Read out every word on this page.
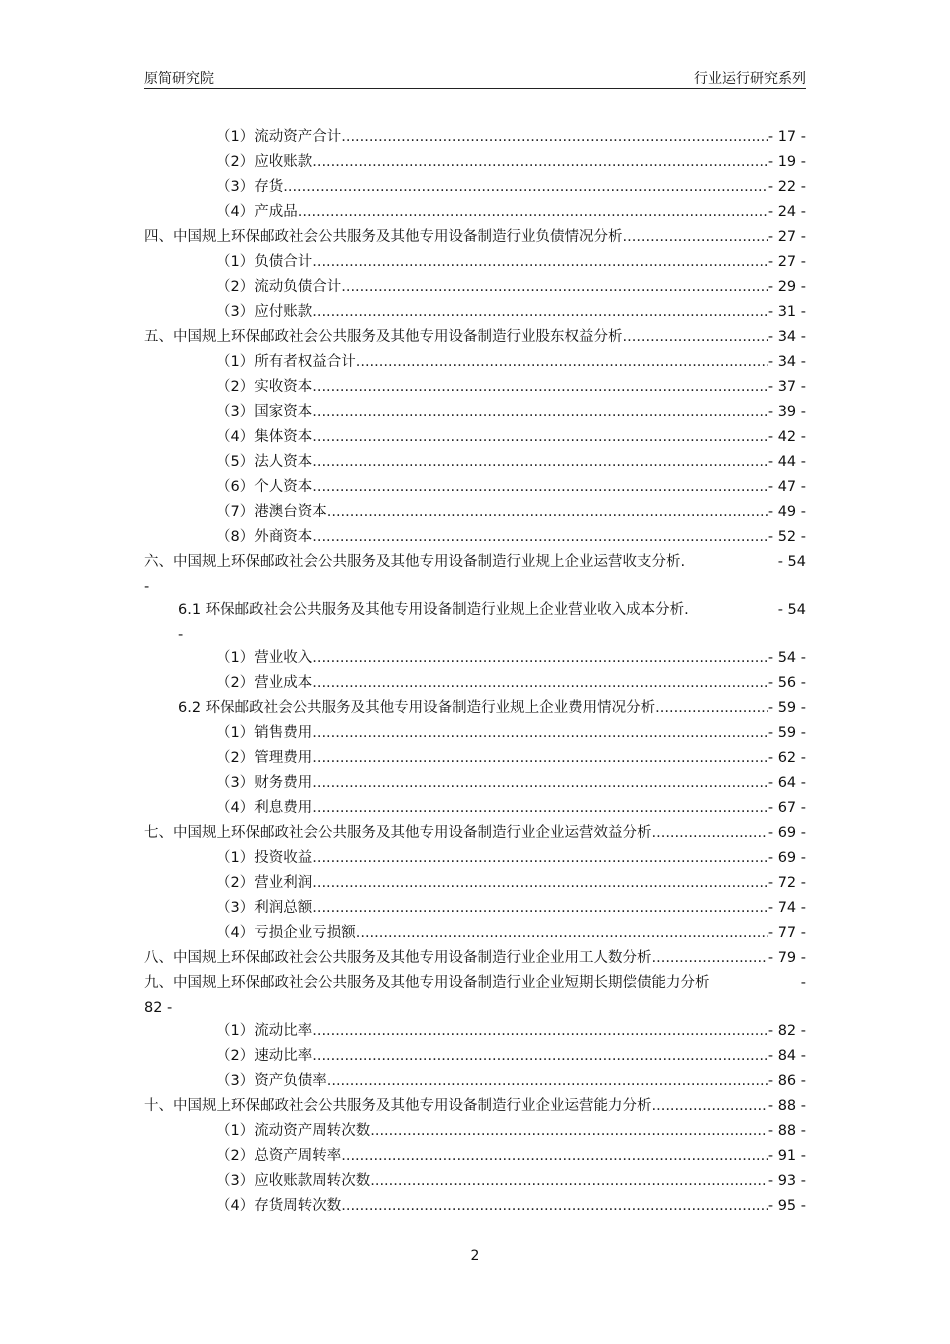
原简研究院	行业运行研究系列
（1）流动资产合计 .....	- 17 -
（2）应收账款 .....	- 19 -
（3）存货 .....	- 22 -
（4）产成品 .....	- 24 -
四、中国规上环保邮政社会公共服务及其他专用设备制造行业负债情况分析 .....	- 27 -
（1）负债合计 .....	- 27 -
（2）流动负债合计 .....	- 29 -
（3）应付账款 .....	- 31 -
五、中国规上环保邮政社会公共服务及其他专用设备制造行业股东权益分析 .....	- 34 -
（1）所有者权益合计 .....	- 34 -
（2）实收资本 .....	- 37 -
（3）国家资本 .....	- 39 -
（4）集体资本 .....	- 42 -
（5）法人资本 .....	- 44 -
（6）个人资本 .....	- 47 -
（7）港澳台资本 .....	- 49 -
（8）外商资本 .....	- 52 -
六、中国规上环保邮政社会公共服务及其他专用设备制造行业规上企业运营收支分析.	- 54
-
6.1 环保邮政社会公共服务及其他专用设备制造行业规上企业营业收入成本分析.	- 54
-
（1）营业收入 .....	- 54 -
（2）营业成本 .....	- 56 -
6.2 环保邮政社会公共服务及其他专用设备制造行业规上企业费用情况分析 .....	- 59 -
（1）销售费用 .....	- 59 -
（2）管理费用 .....	- 62 -
（3）财务费用 .....	- 64 -
（4）利息费用 .....	- 67 -
七、中国规上环保邮政社会公共服务及其他专用设备制造行业企业运营效益分析 .....	- 69 -
（1）投资收益 .....	- 69 -
（2）营业利润 .....	- 72 -
（3）利润总额 .....	- 74 -
（4）亏损企业亏损额 .....	- 77 -
八、中国规上环保邮政社会公共服务及其他专用设备制造行业企业用工人数分析 .....	- 79 -
九、中国规上环保邮政社会公共服务及其他专用设备制造行业企业短期长期偿债能力分析	-
82 -
（1）流动比率 .....	- 82 -
（2）速动比率 .....	- 84 -
（3）资产负债率 .....	- 86 -
十、中国规上环保邮政社会公共服务及其他专用设备制造行业企业运营能力分析 .....	- 88 -
（1）流动资产周转次数 .....	- 88 -
（2）总资产周转率 .....	- 91 -
（3）应收账款周转次数 .....	- 93 -
（4）存货周转次数 .....	- 95 -
2
